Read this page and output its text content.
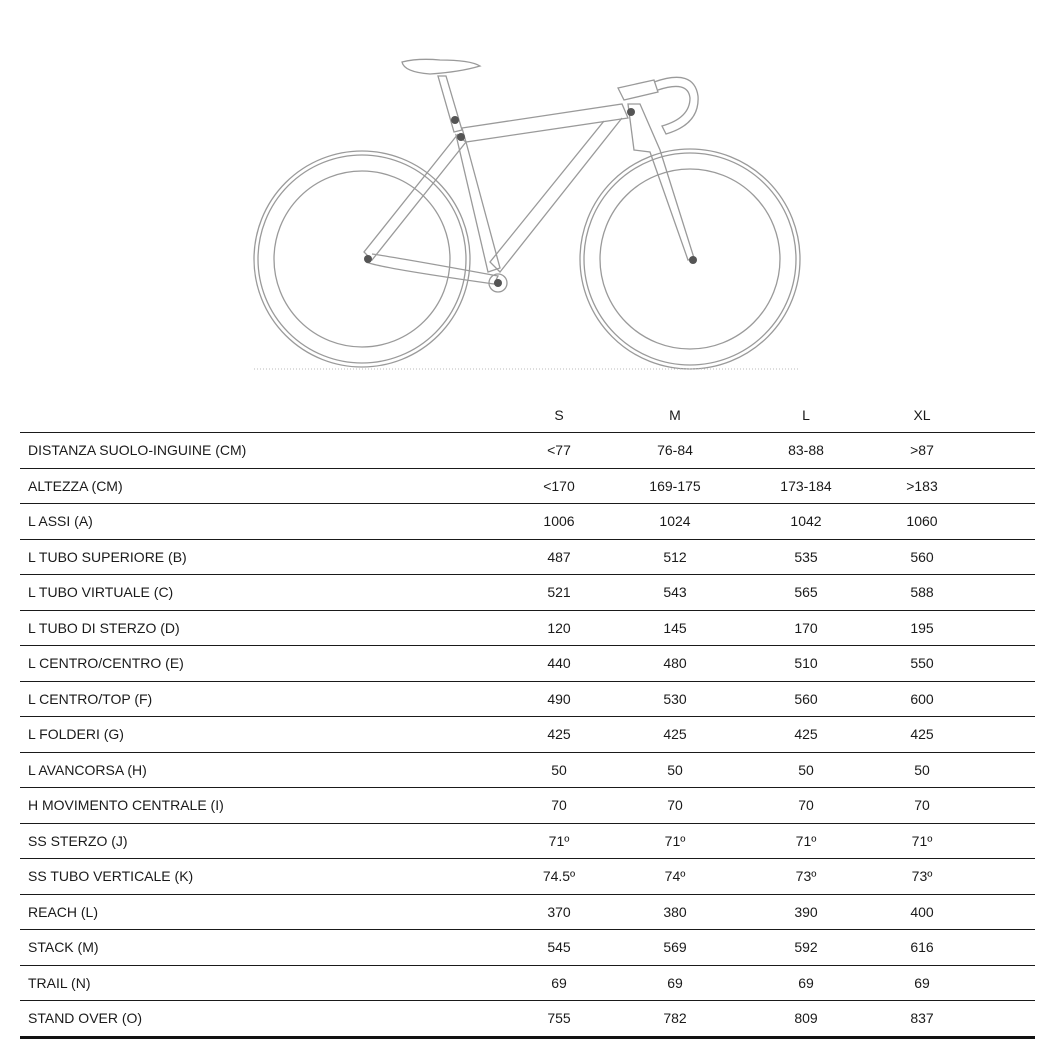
	S	M	L	XL	
DISTANZA SUOLO-INGUINE (CM)	<77	76-84	83-88	>87	
ALTEZZA (CM)	<170	169-175	173-184	>183	
L ASSI (A)	1006	1024	1042	1060	
L TUBO SUPERIORE (B)	487	512	535	560	
L TUBO VIRTUALE (C)	521	543	565	588	
L TUBO DI STERZO (D)	120	145	170	195	
L CENTRO/CENTRO (E)	440	480	510	550	
L CENTRO/TOP (F)	490	530	560	600	
L FOLDERI (G)	425	425	425	425	
L AVANCORSA (H)	50	50	50	50	
H MOVIMENTO CENTRALE (I)	70	70	70	70	
SS STERZO (J)	71º	71º	71º	71º	
SS TUBO VERTICALE (K)	74.5º	74º	73º	73º	
REACH (L)	370	380	390	400	
STACK (M)	545	569	592	616	
TRAIL (N)	69	69	69	69	
STAND OVER (O)	755	782	809	837	
